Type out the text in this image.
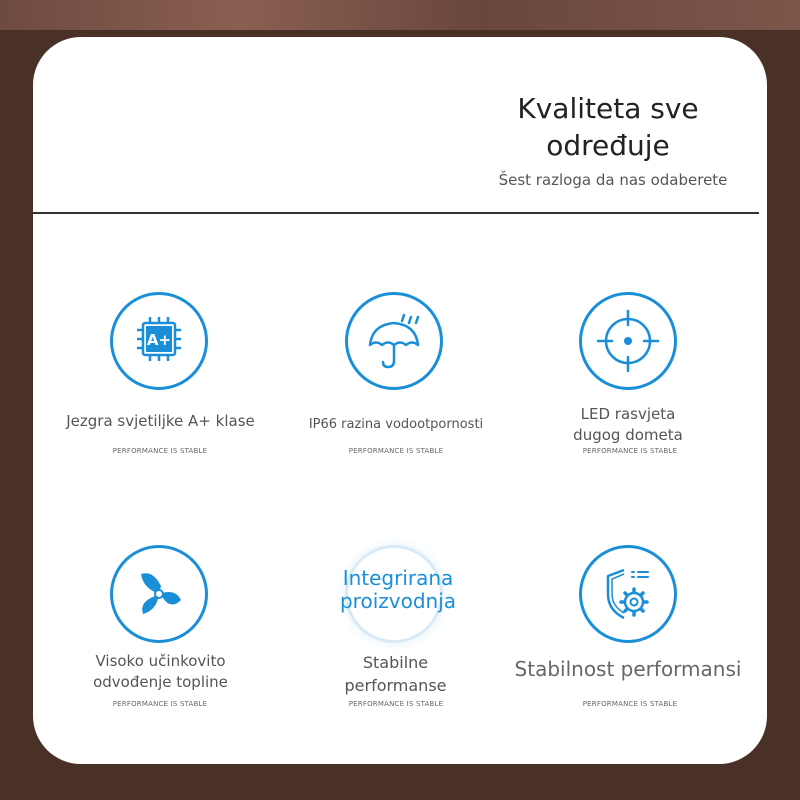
Kvaliteta sve
određuje
Šest razloga da nas odaberete
A+
Jezgra svjetiljke A+ klase
PERFORMANCE IS STABLE
IP66 razina vodootpornosti
PERFORMANCE IS STABLE
LED rasvjeta
dugog dometa
PERFORMANCE IS STABLE
Visoko učinkovito
odvođenje topline
PERFORMANCE IS STABLE
Integrirana
proizvodnja
Stabilne
performanse
PERFORMANCE IS STABLE
Stabilnost performansi
PERFORMANCE IS STABLE
